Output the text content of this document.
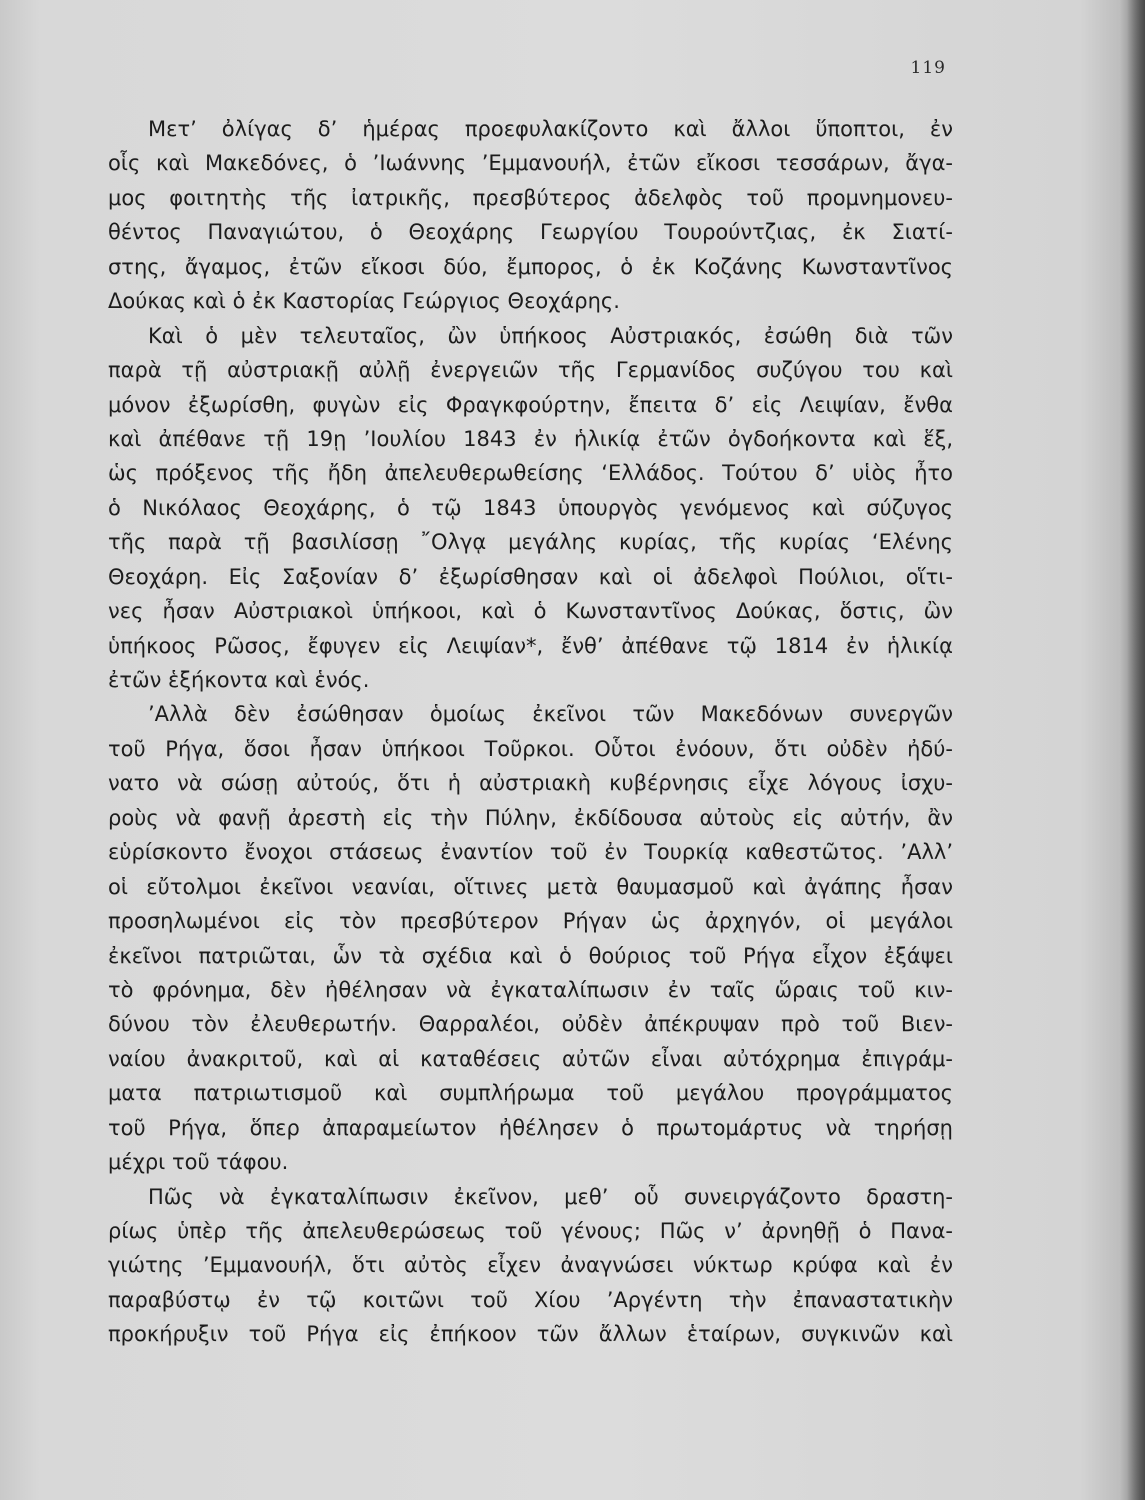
119
Μετ’ ὀλίγας δ’ ἡμέρας προεφυλακίζοντο καὶ ἄλλοι ὕποπτοι, ἐν
οἷς καὶ Μακεδόνες, ὁ ’Ιωάννης ’Εμμανουήλ, ἐτῶν εἴκοσι τεσσάρων, ἄγα-
μος φοιτητὴς τῆς ἰατρικῆς, πρεσβύτερος ἀδελφὸς τοῦ προμνημονευ-
θέντος Παναγιώτου, ὁ Θεοχάρης Γεωργίου Τουρούντζιας, ἐκ Σιατί-
στης, ἄγαμος, ἐτῶν εἴκοσι δύο, ἔμπορος, ὁ ἐκ Κοζάνης Κωνσταντῖνος
Δούκας καὶ ὁ ἐκ Καστορίας Γεώργιος Θεοχάρης.
Καὶ ὁ μὲν τελευταῖος, ὢν ὑπήκοος Αὐστριακός, ἐσώθη διὰ τῶν
παρὰ τῇ αὐστριακῇ αὐλῇ ἐνεργειῶν τῆς Γερμανίδος συζύγου του καὶ
μόνον ἐξωρίσθη, φυγὼν εἰς Φραγκφούρτην, ἔπειτα δ’ εἰς Λειψίαν, ἔνθα
καὶ ἀπέθανε τῇ 19ῃ ’Ιουλίου 1843 ἐν ἡλικίᾳ ἐτῶν ὀγδοήκοντα καὶ ἕξ,
ὡς πρόξενος τῆς ἤδη ἀπελευθερωθείσης ‘Ελλάδος. Τούτου δ’ υἱὸς ἦτο
ὁ Νικόλαος Θεοχάρης, ὁ τῷ 1843 ὑπουργὸς γενόμενος καὶ σύζυγος
τῆς παρὰ τῇ βασιλίσσῃ ῎Ολγᾳ μεγάλης κυρίας, τῆς κυρίας ‘Ελένης
Θεοχάρη. Εἰς Σαξονίαν δ’ ἐξωρίσθησαν καὶ οἱ ἀδελφοὶ Πούλιοι, οἵτι-
νες ἦσαν Αὐστριακοὶ ὑπήκοοι, καὶ ὁ Κωνσταντῖνος Δούκας, ὅστις, ὢν
ὑπήκοος Ρῶσος, ἔφυγεν εἰς Λειψίαν*, ἔνθ’ ἀπέθανε τῷ 1814 ἐν ἡλικίᾳ
ἐτῶν ἑξήκοντα καὶ ἑνός.
’Αλλὰ δὲν ἐσώθησαν ὁμοίως ἐκεῖνοι τῶν Μακεδόνων συνεργῶν
τοῦ Ρήγα, ὅσοι ἦσαν ὑπήκοοι Τοῦρκοι. Οὗτοι ἐνόουν, ὅτι οὐδὲν ἠδύ-
νατο νὰ σώσῃ αὐτούς, ὅτι ἡ αὐστριακὴ κυβέρνησις εἶχε λόγους ἰσχυ-
ροὺς νὰ φανῇ ἀρεστὴ εἰς τὴν Πύλην, ἐκδίδουσα αὐτοὺς εἰς αὐτήν, ἂν
εὑρίσκοντο ἔνοχοι στάσεως ἐναντίον τοῦ ἐν Τουρκίᾳ καθεστῶτος. ’Αλλ’
οἱ εὔτολμοι ἐκεῖνοι νεανίαι, οἵτινες μετὰ θαυμασμοῦ καὶ ἀγάπης ἦσαν
προσηλωμένοι εἰς τὸν πρεσβύτερον Ρήγαν ὡς ἀρχηγόν, οἱ μεγάλοι
ἐκεῖνοι πατριῶται, ὧν τὰ σχέδια καὶ ὁ θούριος τοῦ Ρήγα εἶχον ἐξάψει
τὸ φρόνημα, δὲν ἠθέλησαν νὰ ἐγκαταλίπωσιν ἐν ταῖς ὥραις τοῦ κιν-
δύνου τὸν ἐλευθερωτήν. Θαρραλέοι, οὐδὲν ἀπέκρυψαν πρὸ τοῦ Βιεν-
ναίου ἀνακριτοῦ, καὶ αἱ καταθέσεις αὐτῶν εἶναι αὐτόχρημα ἐπιγράμ-
ματα πατριωτισμοῦ καὶ συμπλήρωμα τοῦ μεγάλου προγράμματος
τοῦ Ρήγα, ὅπερ ἀπαραμείωτον ἠθέλησεν ὁ πρωτομάρτυς νὰ τηρήσῃ
μέχρι τοῦ τάφου.
Πῶς νὰ ἐγκαταλίπωσιν ἐκεῖνον, μεθ’ οὗ συνειργάζοντο δραστη-
ρίως ὑπὲρ τῆς ἀπελευθερώσεως τοῦ γένους; Πῶς ν’ ἀρνηθῇ ὁ Πανα-
γιώτης ’Εμμανουήλ, ὅτι αὐτὸς εἶχεν ἀναγνώσει νύκτωρ κρύφα καὶ ἐν
παραβύστῳ ἐν τῷ κοιτῶνι τοῦ Χίου ’Αργέντη τὴν ἐπαναστατικὴν
προκήρυξιν τοῦ Ρήγα εἰς ἐπήκοον τῶν ἄλλων ἑταίρων, συγκινῶν καὶ
